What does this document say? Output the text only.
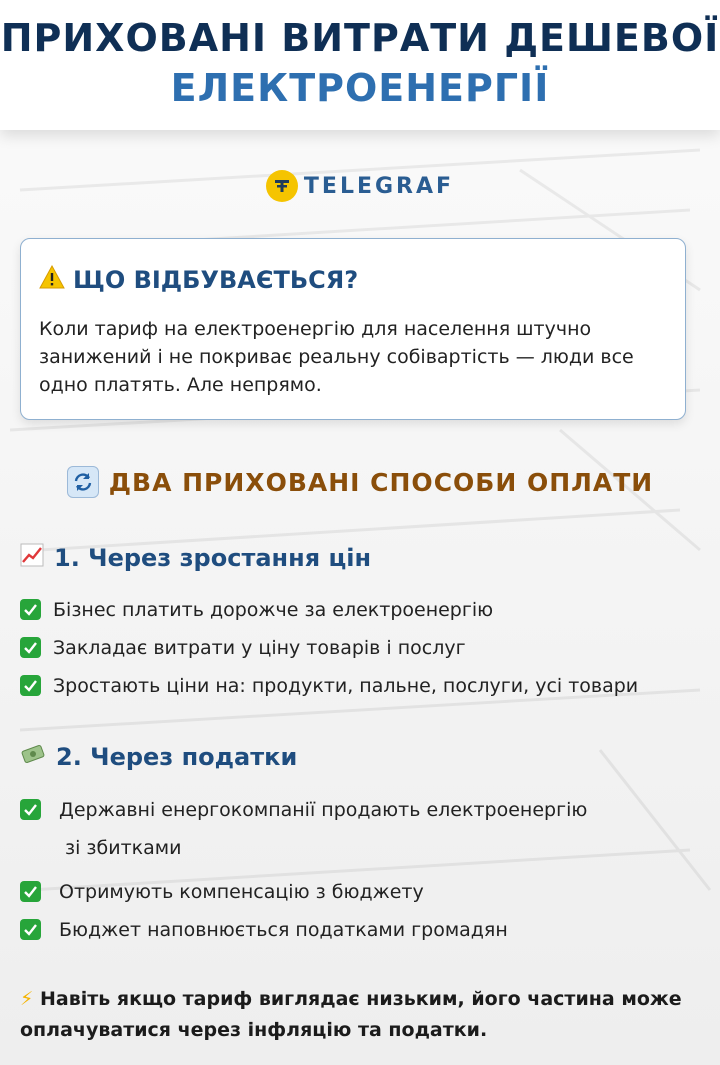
ПРИХОВАНІ ВИТРАТИ ДЕШЕВОЇ
ЕЛЕКТРОЕНЕРГІЇ
TELEGRAF
ЩО ВІДБУВАЄТЬСЯ?
Коли тариф на електроенергію для населення штучно занижений і не покриває реальну собівартість — люди все одно платять. Але непрямо.
ДВА ПРИХОВАНІ СПОСОБИ ОПЛАТИ
1. Через зростання цін
Бізнес платить дорожче за електроенергію
Закладає витрати у ціну товарів і послуг
Зростають ціни на: продукти, пальне, послуги, усі товари
2. Через податки
Державні енергокомпанії продають електроенергію
зі збитками
Отримують компенсацію з бюджету
Бюджет наповнюється податками громадян
⚡ Навіть якщо тариф виглядає низьким, його частина може оплачуватися через інфляцію та податки.
